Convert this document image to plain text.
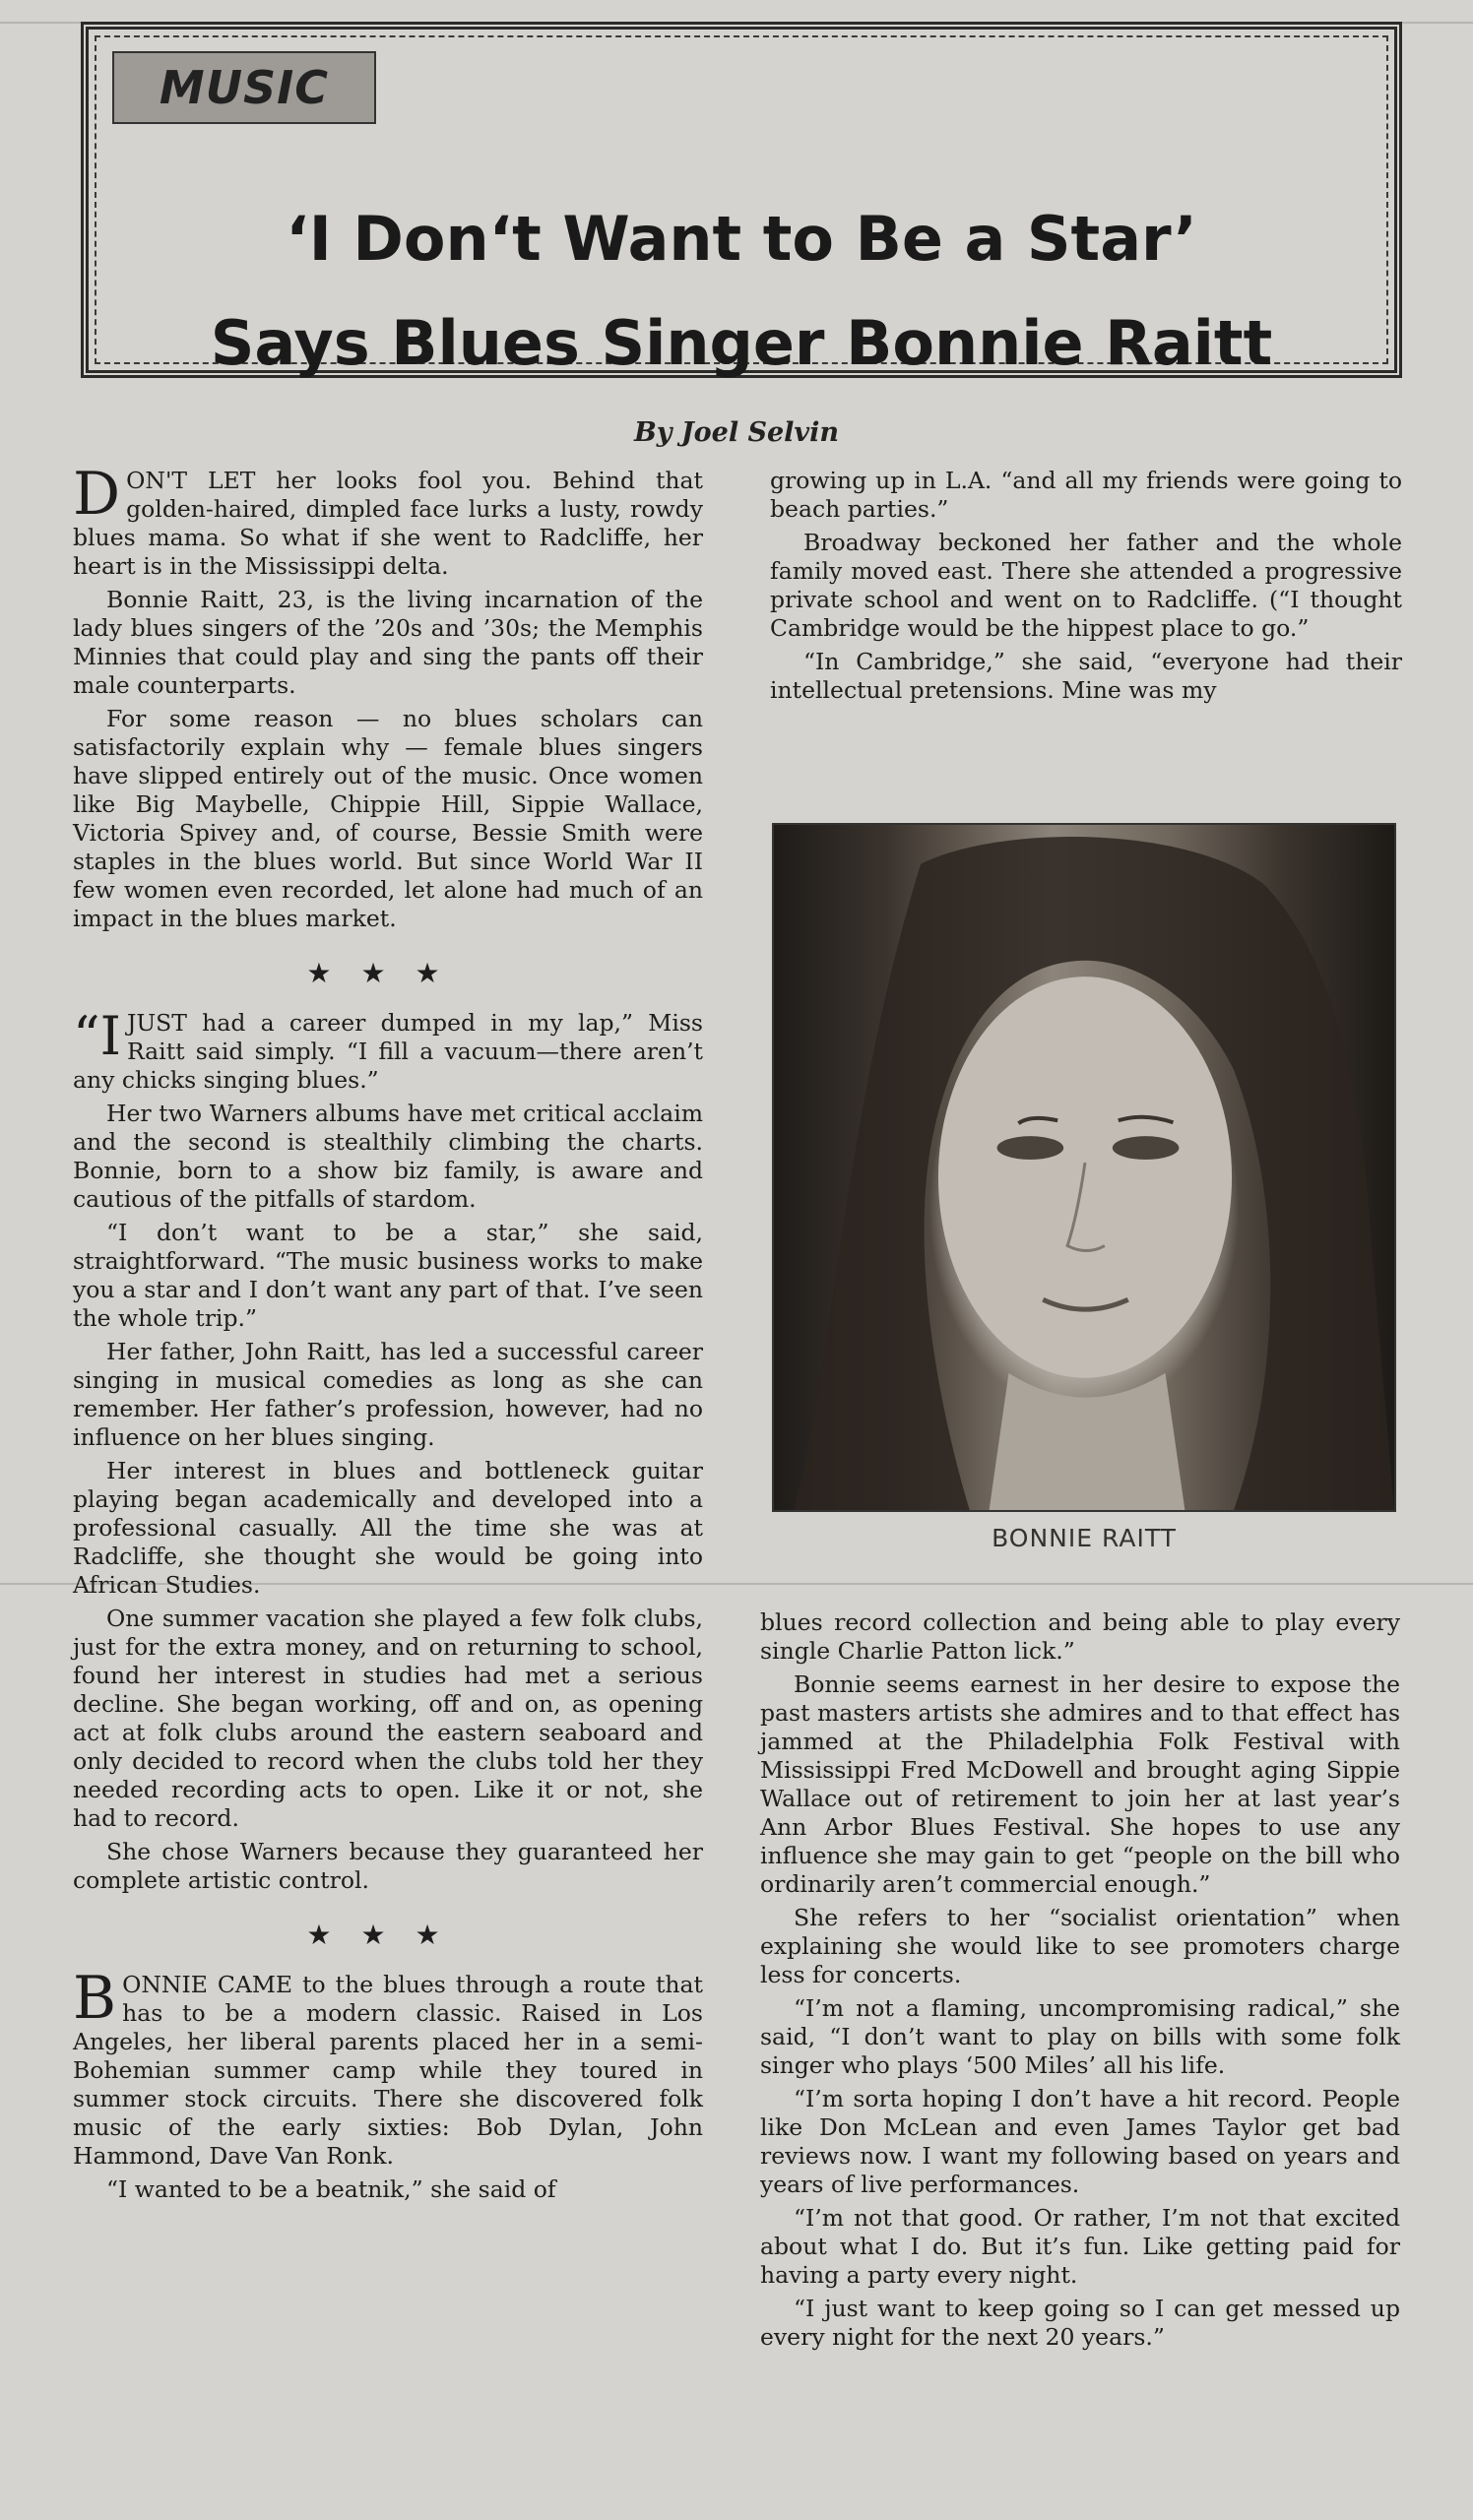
MUSIC
‘I Don‘t Want to Be a Star’
Says Blues Singer Bonnie Raitt
By Joel Selvin

DON'T LET her looks fool you. Behind that golden-haired, dimpled face lurks a lusty, rowdy blues mama. So what if she went to Radcliffe, her heart is in the Mississippi delta.

Bonnie Raitt, 23, is the living incarnation of the lady blues singers of the ’20s and ’30s; the Memphis Minnies that could play and sing the pants off their male counterparts.

For some reason — no blues scholars can satisfactorily explain why — female blues singers have slipped entirely out of the music. Once women like Big Maybelle, Chippie Hill, Sippie Wallace, Victoria Spivey and, of course, Bessie Smith were staples in the blues world. But since World War II few women even recorded, let alone had much of an impact in the blues market.

★★★

“IJUST had a career dumped in my lap,” Miss Raitt said simply. “I fill a vacuum—there aren’t any chicks singing blues.”

Her two Warners albums have met critical acclaim and the second is stealthily climbing the charts. Bonnie, born to a show biz family, is aware and cautious of the pitfalls of stardom.

“I don’t want to be a star,” she said, straightforward. “The music business works to make you a star and I don’t want any part of that. I’ve seen the whole trip.”

Her father, John Raitt, has led a successful career singing in musical comedies as long as she can remember. Her father’s profession, however, had no influence on her blues singing.

Her interest in blues and bottleneck guitar playing began academically and developed into a professional casually. All the time she was at Radcliffe, she thought she would be going into African Studies.

One summer vacation she played a few folk clubs, just for the extra money, and on returning to school, found her interest in studies had met a serious decline. She began working, off and on, as opening act at folk clubs around the eastern seaboard and only decided to record when the clubs told her they needed recording acts to open. Like it or not, she had to record.

She chose Warners because they guaranteed her complete artistic control.

★★★

BONNIE CAME to the blues through a route that has to be a modern classic. Raised in Los Angeles, her liberal parents placed her in a semi-Bohemian summer camp while they toured in summer stock circuits. There she discovered folk music of the early sixties: Bob Dylan, John Hammond, Dave Van Ronk.

“I wanted to be a beatnik,” she said of

growing up in L.A. “and all my friends were going to beach parties.”

Broadway beckoned her father and the whole family moved east. There she attended a progressive private school and went on to Radcliffe. (“I thought Cambridge would be the hippest place to go.”

“In Cambridge,” she said, “everyone had their intellectual pretensions. Mine was my

BONNIE RAITT

blues record collection and being able to play every single Charlie Patton lick.”

Bonnie seems earnest in her desire to expose the past masters artists she admires and to that effect has jammed at the Philadelphia Folk Festival with Mississippi Fred McDowell and brought aging Sippie Wallace out of retirement to join her at last year’s Ann Arbor Blues Festival. She hopes to use any influence she may gain to get “people on the bill who ordinarily aren’t commercial enough.”

She refers to her “socialist orientation” when explaining she would like to see promoters charge less for concerts.

“I’m not a flaming, uncompromising radical,” she said, “I don’t want to play on bills with some folk singer who plays ‘500 Miles’ all his life.

“I’m sorta hoping I don’t have a hit record. People like Don McLean and even James Taylor get bad reviews now. I want my following based on years and years of live performances.

“I’m not that good. Or rather, I’m not that excited about what I do. But it’s fun. Like getting paid for having a party every night.

“I just want to keep going so I can get messed up every night for the next 20 years.”
